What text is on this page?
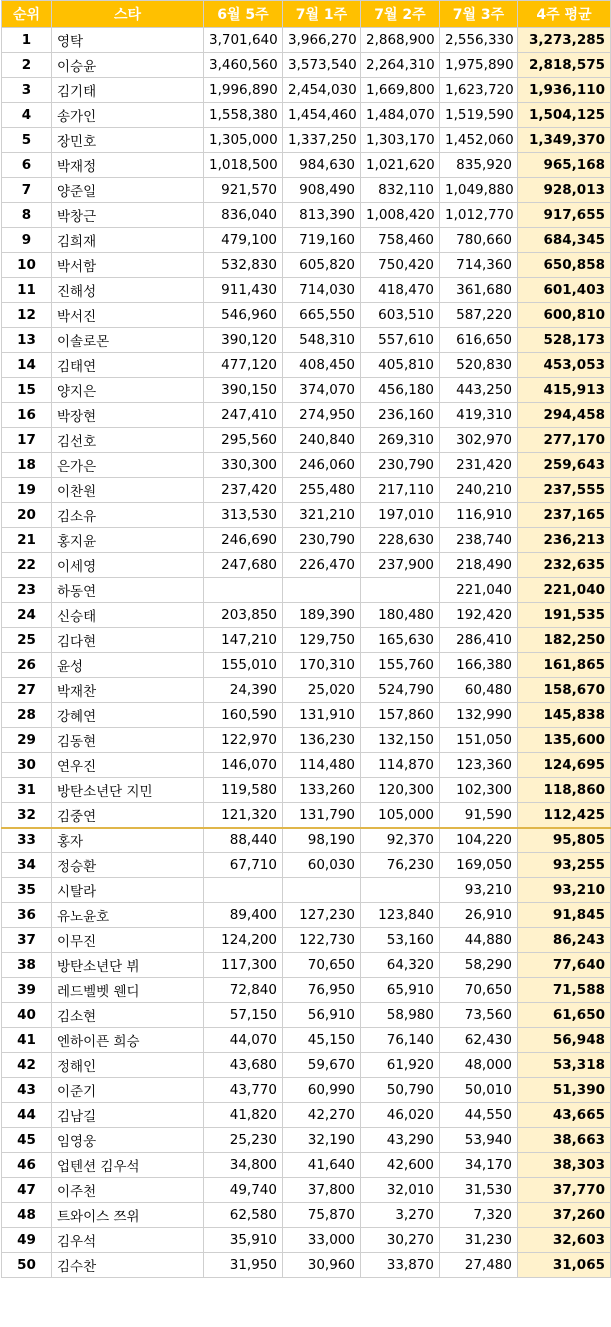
순위	스타	6월 5주	7월 1주	7월 2주	7월 3주	4주 평균
1	영탁	3,701,640	3,966,270	2,868,900	2,556,330	3,273,285
2	이승윤	3,460,560	3,573,540	2,264,310	1,975,890	2,818,575
3	김기태	1,996,890	2,454,030	1,669,800	1,623,720	1,936,110
4	송가인	1,558,380	1,454,460	1,484,070	1,519,590	1,504,125
5	장민호	1,305,000	1,337,250	1,303,170	1,452,060	1,349,370
6	박재정	1,018,500	984,630	1,021,620	835,920	965,168
7	양준일	921,570	908,490	832,110	1,049,880	928,013
8	박창근	836,040	813,390	1,008,420	1,012,770	917,655
9	김희재	479,100	719,160	758,460	780,660	684,345
10	박서함	532,830	605,820	750,420	714,360	650,858
11	진해성	911,430	714,030	418,470	361,680	601,403
12	박서진	546,960	665,550	603,510	587,220	600,810
13	이솔로몬	390,120	548,310	557,610	616,650	528,173
14	김태연	477,120	408,450	405,810	520,830	453,053
15	양지은	390,150	374,070	456,180	443,250	415,913
16	박장현	247,410	274,950	236,160	419,310	294,458
17	김선호	295,560	240,840	269,310	302,970	277,170
18	은가은	330,300	246,060	230,790	231,420	259,643
19	이찬원	237,420	255,480	217,110	240,210	237,555
20	김소유	313,530	321,210	197,010	116,910	237,165
21	홍지윤	246,690	230,790	228,630	238,740	236,213
22	이세영	247,680	226,470	237,900	218,490	232,635
23	하동연				221,040	221,040
24	신승태	203,850	189,390	180,480	192,420	191,535
25	김다현	147,210	129,750	165,630	286,410	182,250
26	윤성	155,010	170,310	155,760	166,380	161,865
27	박재찬	24,390	25,020	524,790	60,480	158,670
28	강혜연	160,590	131,910	157,860	132,990	145,838
29	김동현	122,970	136,230	132,150	151,050	135,600
30	연우진	146,070	114,480	114,870	123,360	124,695
31	방탄소년단 지민	119,580	133,260	120,300	102,300	118,860
32	김중연	121,320	131,790	105,000	91,590	112,425
33	홍자	88,440	98,190	92,370	104,220	95,805
34	정승환	67,710	60,030	76,230	169,050	93,255
35	시탈라				93,210	93,210
36	유노윤호	89,400	127,230	123,840	26,910	91,845
37	이무진	124,200	122,730	53,160	44,880	86,243
38	방탄소년단 뷔	117,300	70,650	64,320	58,290	77,640
39	레드벨벳 웬디	72,840	76,950	65,910	70,650	71,588
40	김소현	57,150	56,910	58,980	73,560	61,650
41	엔하이픈 희승	44,070	45,150	76,140	62,430	56,948
42	정해인	43,680	59,670	61,920	48,000	53,318
43	이준기	43,770	60,990	50,790	50,010	51,390
44	김남길	41,820	42,270	46,020	44,550	43,665
45	임영웅	25,230	32,190	43,290	53,940	38,663
46	업텐션 김우석	34,800	41,640	42,600	34,170	38,303
47	이주천	49,740	37,800	32,010	31,530	37,770
48	트와이스 쯔위	62,580	75,870	3,270	7,320	37,260
49	김우석	35,910	33,000	30,270	31,230	32,603
50	김수찬	31,950	30,960	33,870	27,480	31,065
